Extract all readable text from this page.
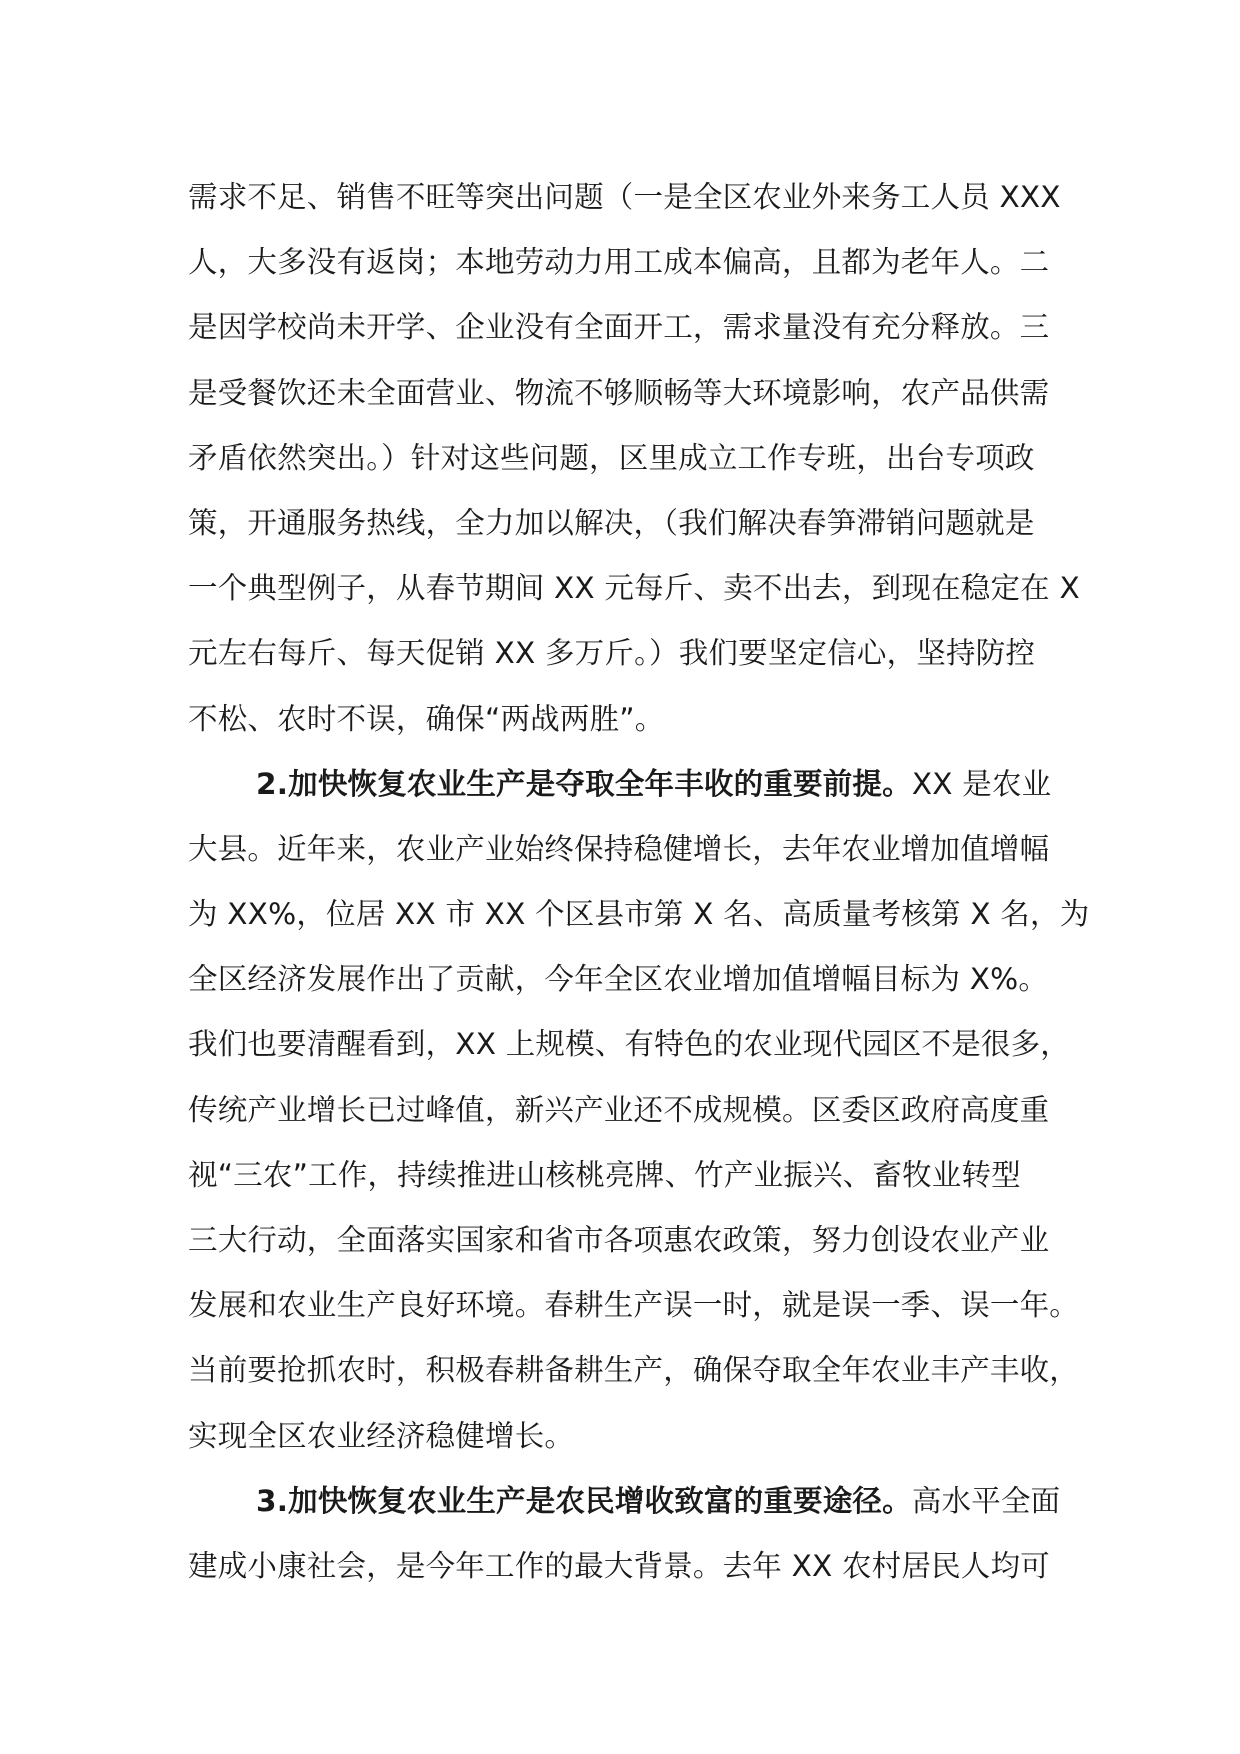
需求不足、销售不旺等突出问题（一是全区农业外来务工人员 XXX
人，大多没有返岗；本地劳动力用工成本偏高，且都为老年人。二
是因学校尚未开学、企业没有全面开工，需求量没有充分释放。三
是受餐饮还未全面营业、物流不够顺畅等大环境影响，农产品供需
矛盾依然突出。）针对这些问题，区里成立工作专班，出台专项政
策，开通服务热线，全力加以解决，（我们解决春笋滞销问题就是
一个典型例子，从春节期间 XX 元每斤、卖不出去，到现在稳定在 X
元左右每斤、每天促销 XX 多万斤。）我们要坚定信心，坚持防控
不松、农时不误，确保“两战两胜”。
2.加快恢复农业生产是夺取全年丰收的重要前提。XX 是农业
大县。近年来，农业产业始终保持稳健增长，去年农业增加值增幅
为 XX%，位居 XX 市 XX 个区县市第 X 名、高质量考核第 X 名，为
全区经济发展作出了贡献，今年全区农业增加值增幅目标为 X%。
我们也要清醒看到，XX 上规模、有特色的农业现代园区不是很多，
传统产业增长已过峰值，新兴产业还不成规模。区委区政府高度重
视“三农”工作，持续推进山核桃亮牌、竹产业振兴、畜牧业转型
三大行动，全面落实国家和省市各项惠农政策，努力创设农业产业
发展和农业生产良好环境。春耕生产误一时，就是误一季、误一年。
当前要抢抓农时，积极春耕备耕生产，确保夺取全年农业丰产丰收，
实现全区农业经济稳健增长。
3.加快恢复农业生产是农民增收致富的重要途径。高水平全面
建成小康社会，是今年工作的最大背景。去年 XX 农村居民人均可
